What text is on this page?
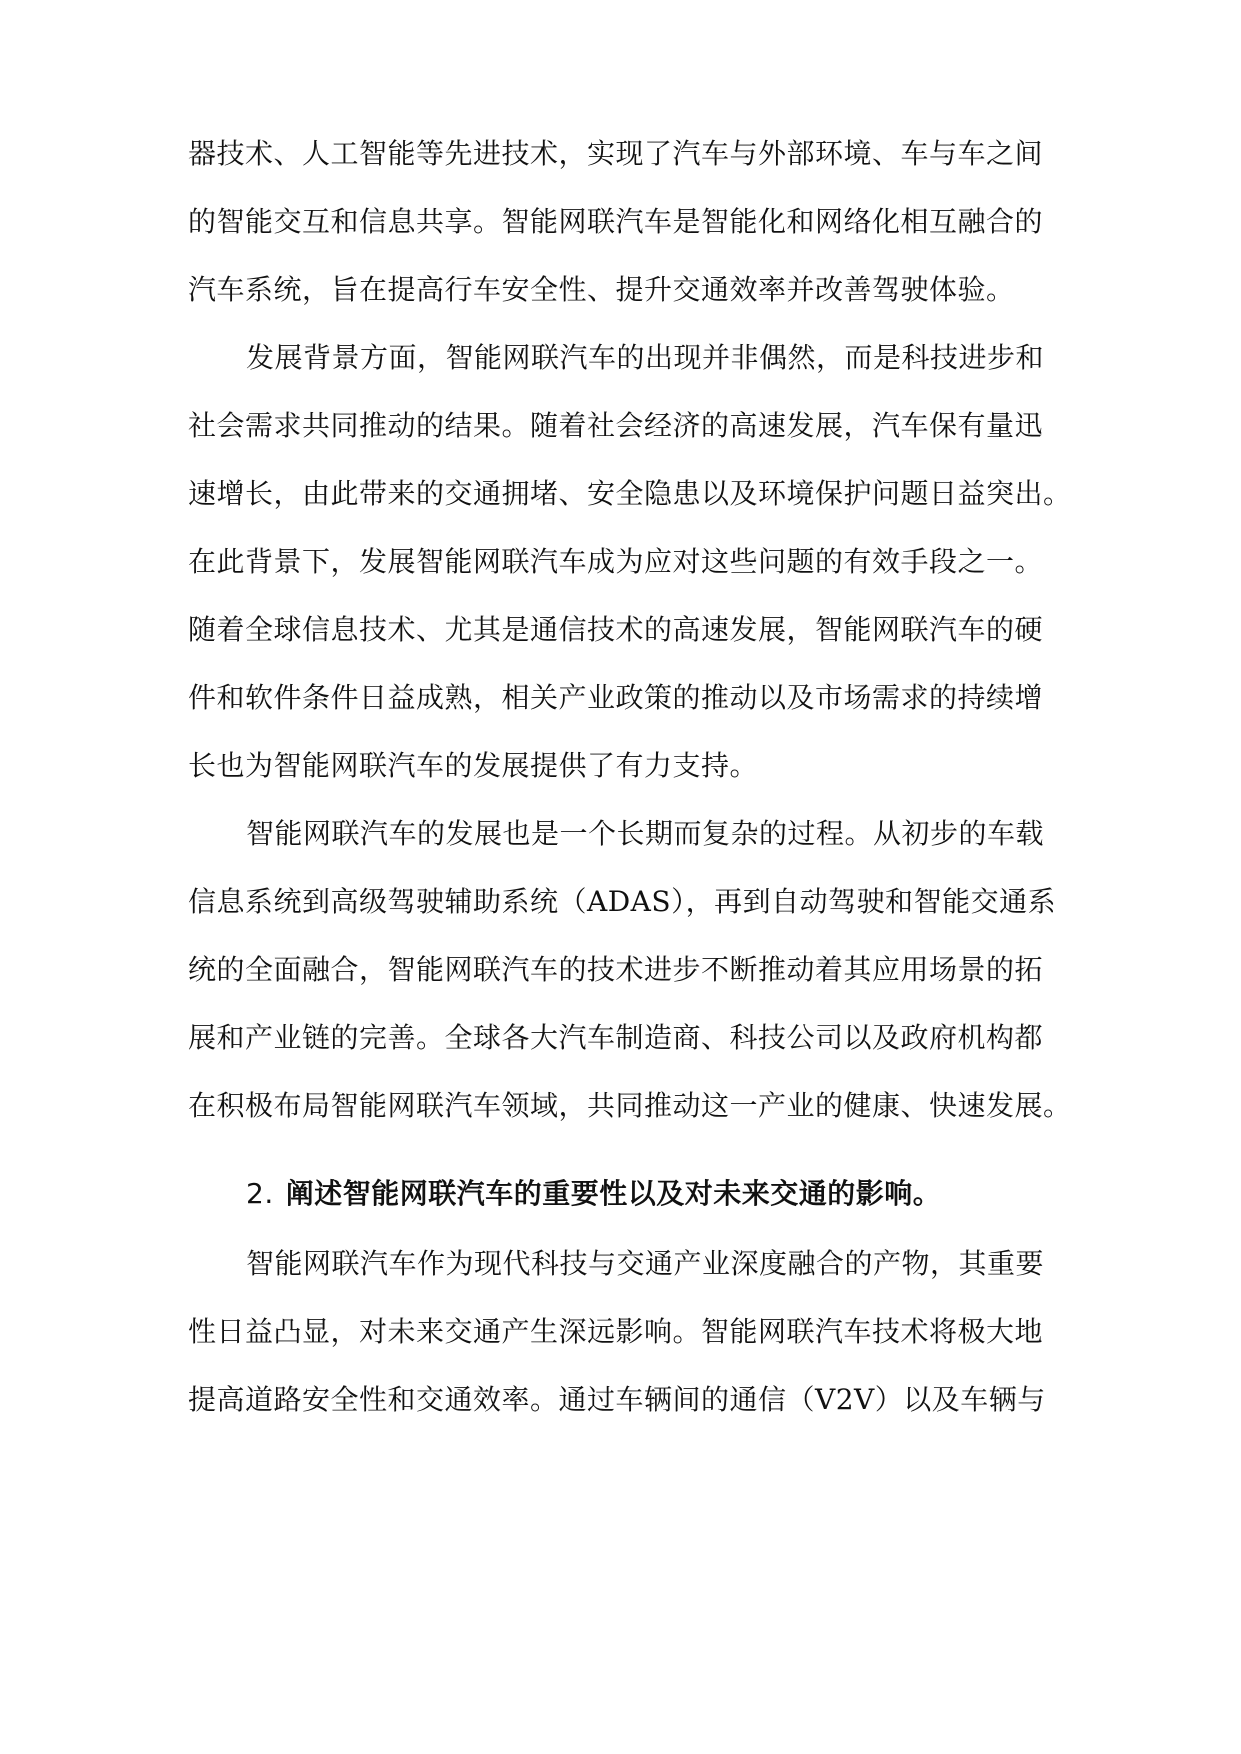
器技术、人工智能等先进技术，实现了汽车与外部环境、车与车之间
的智能交互和信息共享。智能网联汽车是智能化和网络化相互融合的
汽车系统，旨在提高行车安全性、提升交通效率并改善驾驶体验。
发展背景方面，智能网联汽车的出现并非偶然，而是科技进步和
社会需求共同推动的结果。随着社会经济的高速发展，汽车保有量迅
速增长，由此带来的交通拥堵、安全隐患以及环境保护问题日益突出。
在此背景下，发展智能网联汽车成为应对这些问题的有效手段之一。
随着全球信息技术、尤其是通信技术的高速发展，智能网联汽车的硬
件和软件条件日益成熟，相关产业政策的推动以及市场需求的持续增
长也为智能网联汽车的发展提供了有力支持。
智能网联汽车的发展也是一个长期而复杂的过程。从初步的车载
信息系统到高级驾驶辅助系统（ADAS），再到自动驾驶和智能交通系
统的全面融合，智能网联汽车的技术进步不断推动着其应用场景的拓
展和产业链的完善。全球各大汽车制造商、科技公司以及政府机构都
在积极布局智能网联汽车领域，共同推动这一产业的健康、快速发展。
2. 阐述智能网联汽车的重要性以及对未来交通的影响。
智能网联汽车作为现代科技与交通产业深度融合的产物，其重要
性日益凸显，对未来交通产生深远影响。智能网联汽车技术将极大地
提高道路安全性和交通效率。通过车辆间的通信（V2V）以及车辆与
